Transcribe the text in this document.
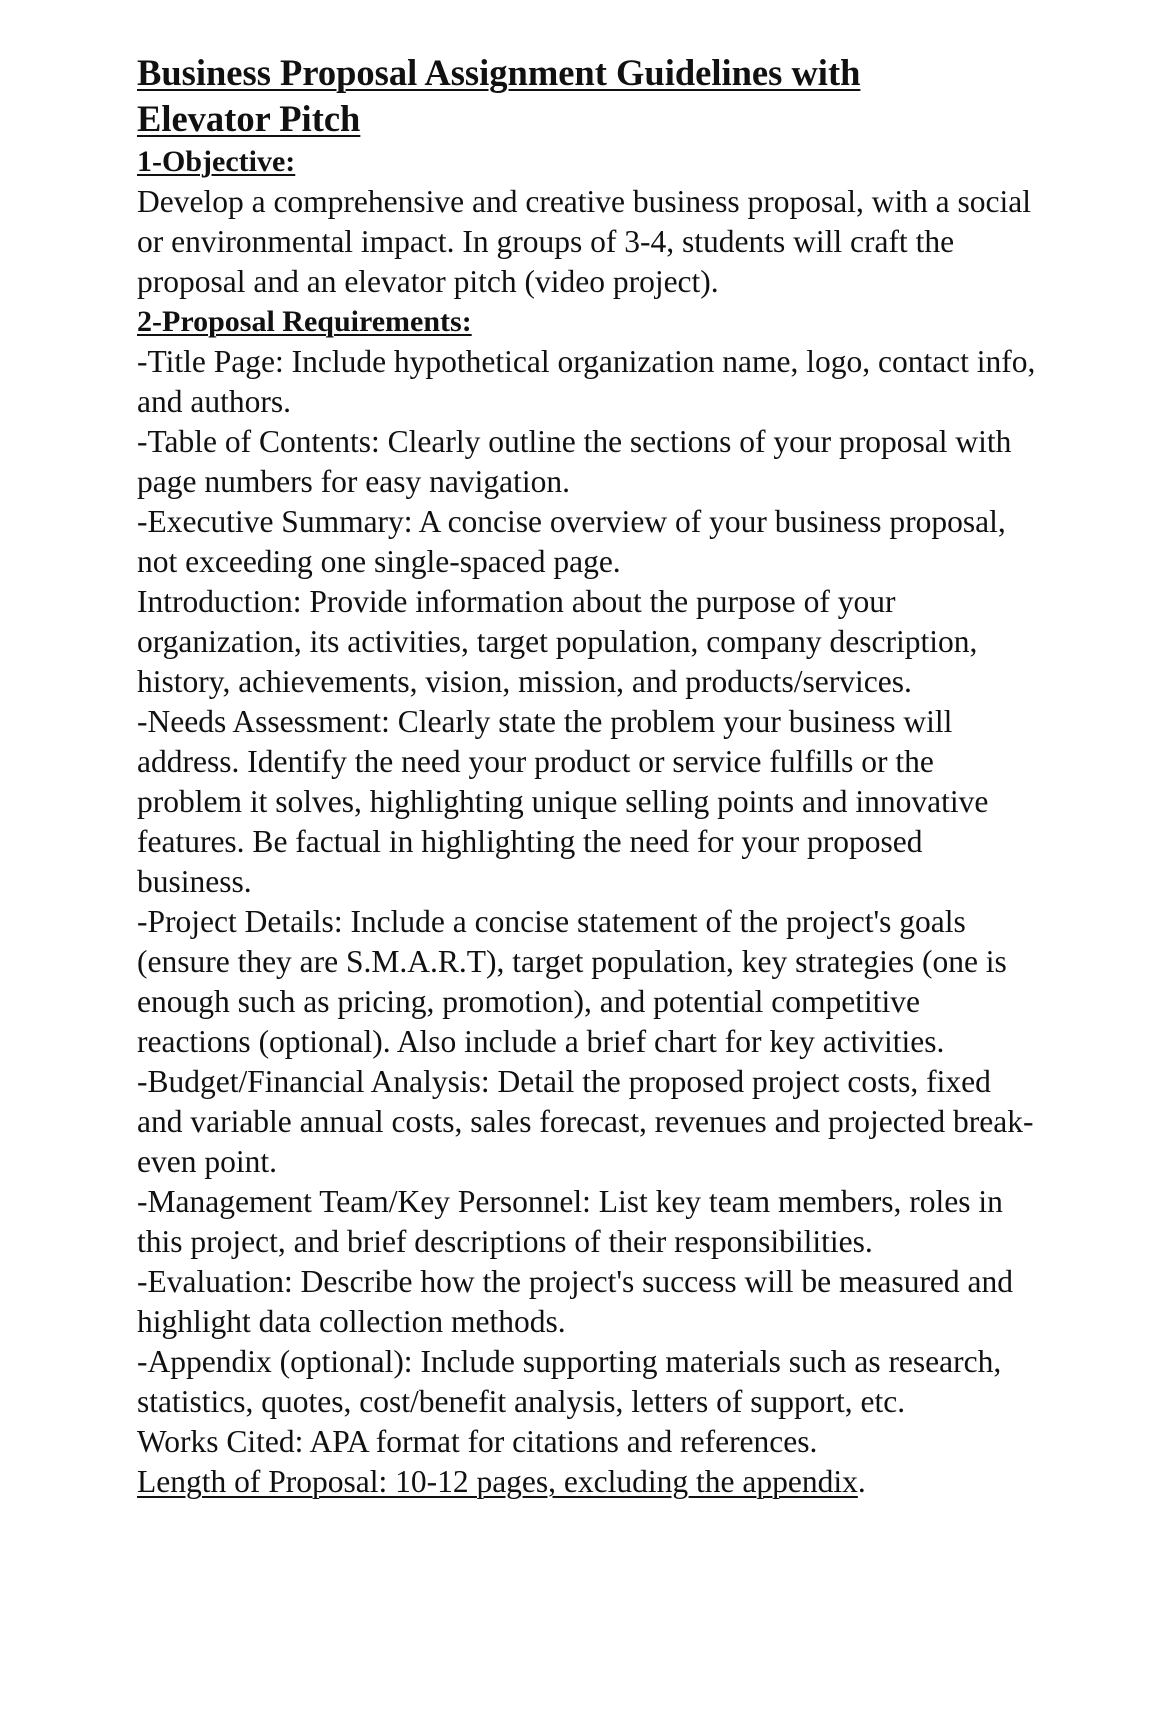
Business Proposal Assignment Guidelines with Elevator Pitch
1-Objective:

Develop a comprehensive and creative business proposal, with a social or environmental impact. In groups of 3-4, students will craft the proposal and an elevator pitch (video project).

2-Proposal Requirements:

-Title Page: Include hypothetical organization name, logo, contact info, and authors.

-Table of Contents: Clearly outline the sections of your proposal with page numbers for easy navigation.

-Executive Summary: A concise overview of your business proposal, not exceeding one single-spaced page.

Introduction: Provide information about the purpose of your organization, its activities, target population, company description, history, achievements, vision, mission, and products/services.

-Needs Assessment: Clearly state the problem your business will address. Identify the need your product or service fulfills or the problem it solves, highlighting unique selling points and innovative features. Be factual in highlighting the need for your proposed business.

-Project Details: Include a concise statement of the project's goals (ensure they are S.M.A.R.T), target population, key strategies (one is enough such as pricing, promotion), and potential competitive reactions (optional). Also include a brief chart for key activities.

-Budget/Financial Analysis: Detail the proposed project costs, fixed and variable annual costs, sales forecast, revenues and projected break-even point.

-Management Team/Key Personnel: List key team members, roles in this project, and brief descriptions of their responsibilities.

-Evaluation: Describe how the project's success will be measured and highlight data collection methods.

-Appendix (optional): Include supporting materials such as research, statistics, quotes, cost/benefit analysis, letters of support, etc.

Works Cited: APA format for citations and references.

Length of Proposal: 10-12 pages, excluding the appendix.
